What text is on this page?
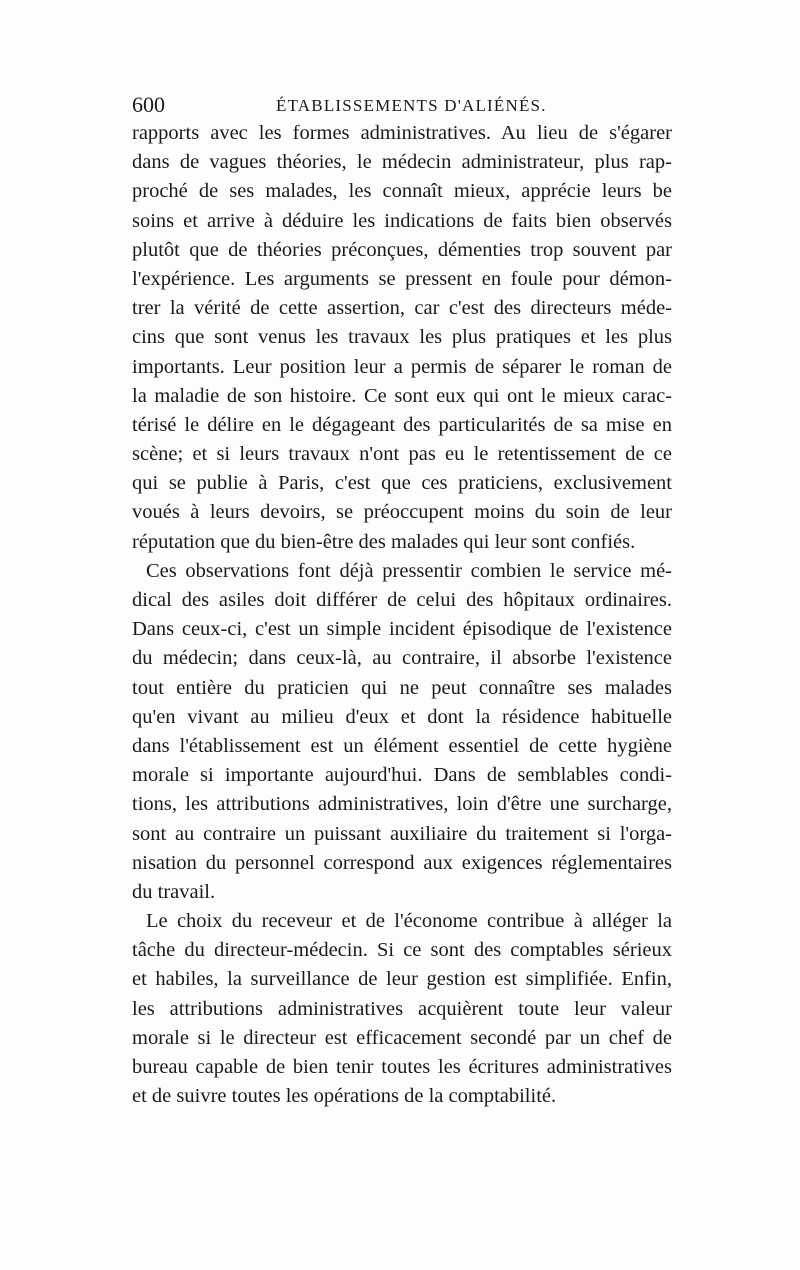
600	ÉTABLISSEMENTS D'ALIÉNÉS.
rapports avec les formes administratives. Au lieu de s'égarer
dans de vagues théories, le médecin administrateur, plus rap-
proché de ses malades, les connaît mieux, apprécie leurs be
soins et arrive à déduire les indications de faits bien observés
plutôt que de théories préconçues, démenties trop souvent par
l'expérience. Les arguments se pressent en foule pour démon-
trer la vérité de cette assertion, car c'est des directeurs méde-
cins que sont venus les travaux les plus pratiques et les plus
importants. Leur position leur a permis de séparer le roman de
la maladie de son histoire. Ce sont eux qui ont le mieux carac-
térisé le délire en le dégageant des particularités de sa mise en
scène; et si leurs travaux n'ont pas eu le retentissement de ce
qui se publie à Paris, c'est que ces praticiens, exclusivement
voués à leurs devoirs, se préoccupent moins du soin de leur
réputation que du bien-être des malades qui leur sont confiés.
Ces observations font déjà pressentir combien le service mé-
dical des asiles doit différer de celui des hôpitaux ordinaires.
Dans ceux-ci, c'est un simple incident épisodique de l'existence
du médecin; dans ceux-là, au contraire, il absorbe l'existence
tout entière du praticien qui ne peut connaître ses malades
qu'en vivant au milieu d'eux et dont la résidence habituelle
dans l'établissement est un élément essentiel de cette hygiène
morale si importante aujourd'hui. Dans de semblables condi-
tions, les attributions administratives, loin d'être une surcharge,
sont au contraire un puissant auxiliaire du traitement si l'orga-
nisation du personnel correspond aux exigences réglementaires
du travail.
Le choix du receveur et de l'économe contribue à alléger la
tâche du directeur-médecin. Si ce sont des comptables sérieux
et habiles, la surveillance de leur gestion est simplifiée. Enfin,
les attributions administratives acquièrent toute leur valeur
morale si le directeur est efficacement secondé par un chef de
bureau capable de bien tenir toutes les écritures administratives
et de suivre toutes les opérations de la comptabilité.
